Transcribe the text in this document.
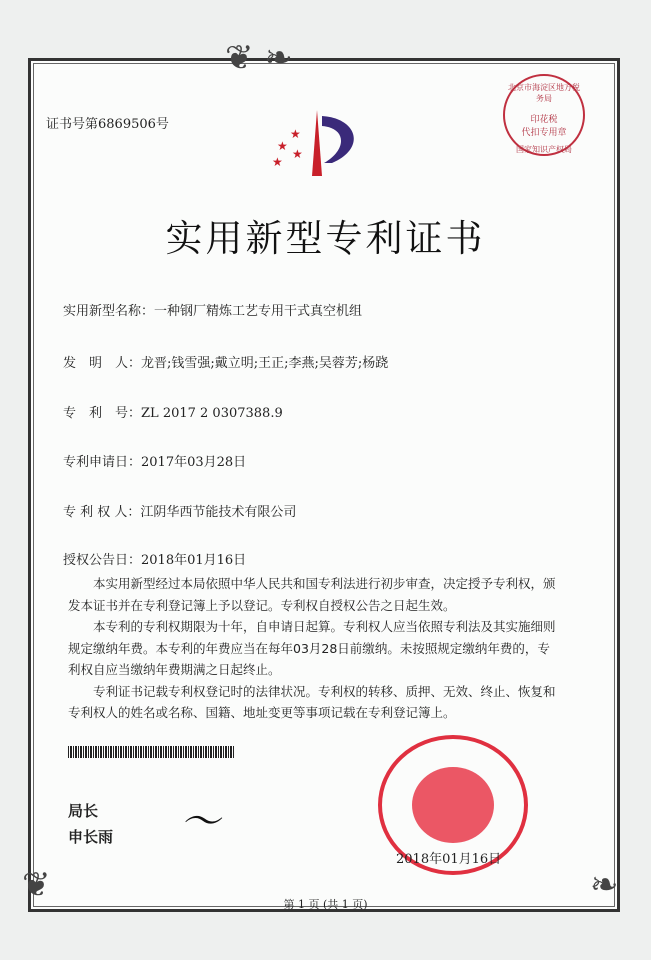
❦ ❧
❦	❧
证书号第6869506号
北京市海淀区地方税务局
印花税
代扣专用章
国家知识产权局
★
★
★
★
实用新型专利证书
实用新型名称：一种钢厂精炼工艺专用干式真空机组
发　明　人：龙晋;钱雪强;戴立明;王正;李燕;吴蓉芳;杨跷
专　利　号：ZL 2017 2 0307388.9
专利申请日：2017年03月28日
专 利 权 人：江阴华西节能技术有限公司
授权公告日：2018年01月16日

本实用新型经过本局依照中华人民共和国专利法进行初步审查，决定授予专利权，颁发本证书并在专利登记簿上予以登记。专利权自授权公告之日起生效。

本专利的专利权期限为十年，自申请日起算。专利权人应当依照专利法及其实施细则规定缴纳年费。本专利的年费应当在每年03月28日前缴纳。未按照规定缴纳年费的，专利权自应当缴纳年费期满之日起终止。

专利证书记载专利权登记时的法律状况。专利权的转移、质押、无效、终止、恢复和专利权人的姓名或名称、国籍、地址变更等事项记载在专利登记簿上。

局长
申长雨 〜
2018年01月16日
第 1 页 (共 1 页)
